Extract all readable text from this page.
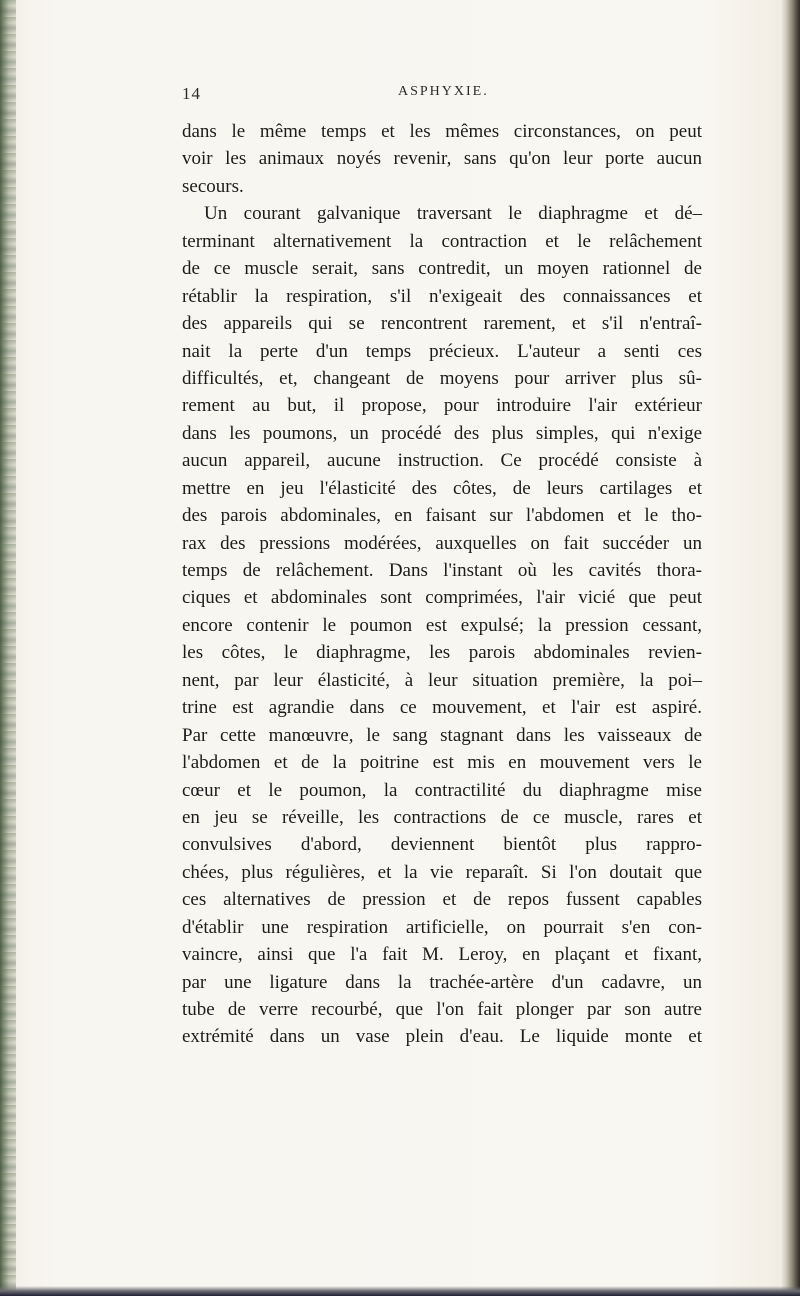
14	ASPHYXIE.
dans le même temps et les mêmes circonstances, on peut
voir les animaux noyés revenir, sans qu'on leur porte aucun
secours.
Un courant galvanique traversant le diaphragme et dé–
terminant alternativement la contraction et le relâchement
de ce muscle serait, sans contredit, un moyen rationnel de
rétablir la respiration, s'il n'exigeait des connaissances et
des appareils qui se rencontrent rarement, et s'il n'entraî-
nait la perte d'un temps précieux. L'auteur a senti ces
difficultés, et, changeant de moyens pour arriver plus sû-
rement au but, il propose, pour introduire l'air extérieur
dans les poumons, un procédé des plus simples, qui n'exige
aucun appareil, aucune instruction. Ce procédé consiste à
mettre en jeu l'élasticité des côtes, de leurs cartilages et
des parois abdominales, en faisant sur l'abdomen et le tho-
rax des pressions modérées, auxquelles on fait succéder un
temps de relâchement. Dans l'instant où les cavités thora-
ciques et abdominales sont comprimées, l'air vicié que peut
encore contenir le poumon est expulsé; la pression cessant,
les côtes, le diaphragme, les parois abdominales revien-
nent, par leur élasticité, à leur situation première, la poi–
trine est agrandie dans ce mouvement, et l'air est aspiré.
Par cette manœuvre, le sang stagnant dans les vaisseaux de
l'abdomen et de la poitrine est mis en mouvement vers le
cœur et le poumon, la contractilité du diaphragme mise
en jeu se réveille, les contractions de ce muscle, rares et
convulsives d'abord, deviennent bientôt plus rappro-
chées, plus régulières, et la vie reparaît. Si l'on doutait que
ces alternatives de pression et de repos fussent capables
d'établir une respiration artificielle, on pourrait s'en con-
vaincre, ainsi que l'a fait M. Leroy, en plaçant et fixant,
par une ligature dans la trachée-artère d'un cadavre, un
tube de verre recourbé, que l'on fait plonger par son autre
extrémité dans un vase plein d'eau. Le liquide monte et
